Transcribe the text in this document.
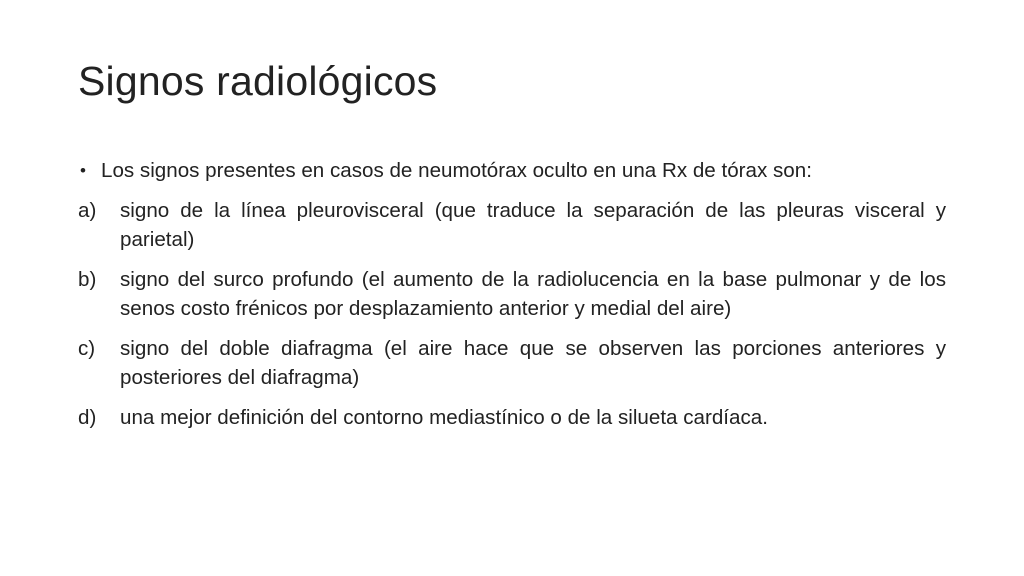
Signos radiológicos
• Los signos presentes en casos de neumotórax oculto en una Rx de tórax son:

a)	signo de la línea pleurovisceral (que traduce la separación de las pleuras visceral y parietal)

b)	signo del surco profundo (el aumento de la radiolucencia en la base pulmonar y de los senos costo frénicos por desplazamiento anterior y medial del aire)

c)	signo del doble diafragma (el aire hace que se observen las porciones anteriores y posteriores del diafragma)

d)	una mejor definición del contorno mediastínico o de la silueta cardíaca.
